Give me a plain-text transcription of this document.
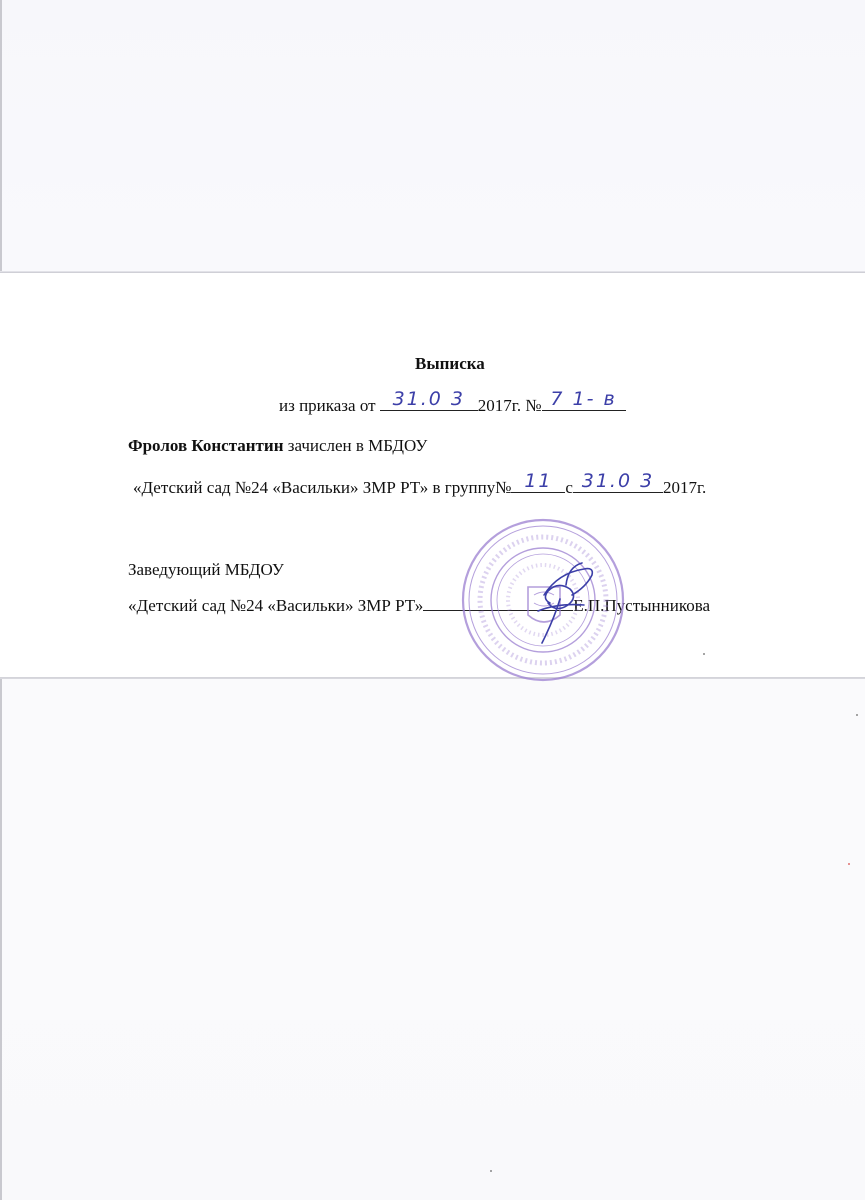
Выписка
из приказа от 31.0 3 2017г. № 7 1- в
Фролов Константин зачислен в МБДОУ
«Детский сад №24 «Васильки» ЗМР РТ» в группу№ 11 с 31.0 3 2017г.
Заведующий МБДОУ
«Детский сад №24 «Васильки» ЗМР РТ»	Е.П.Пустынникова
